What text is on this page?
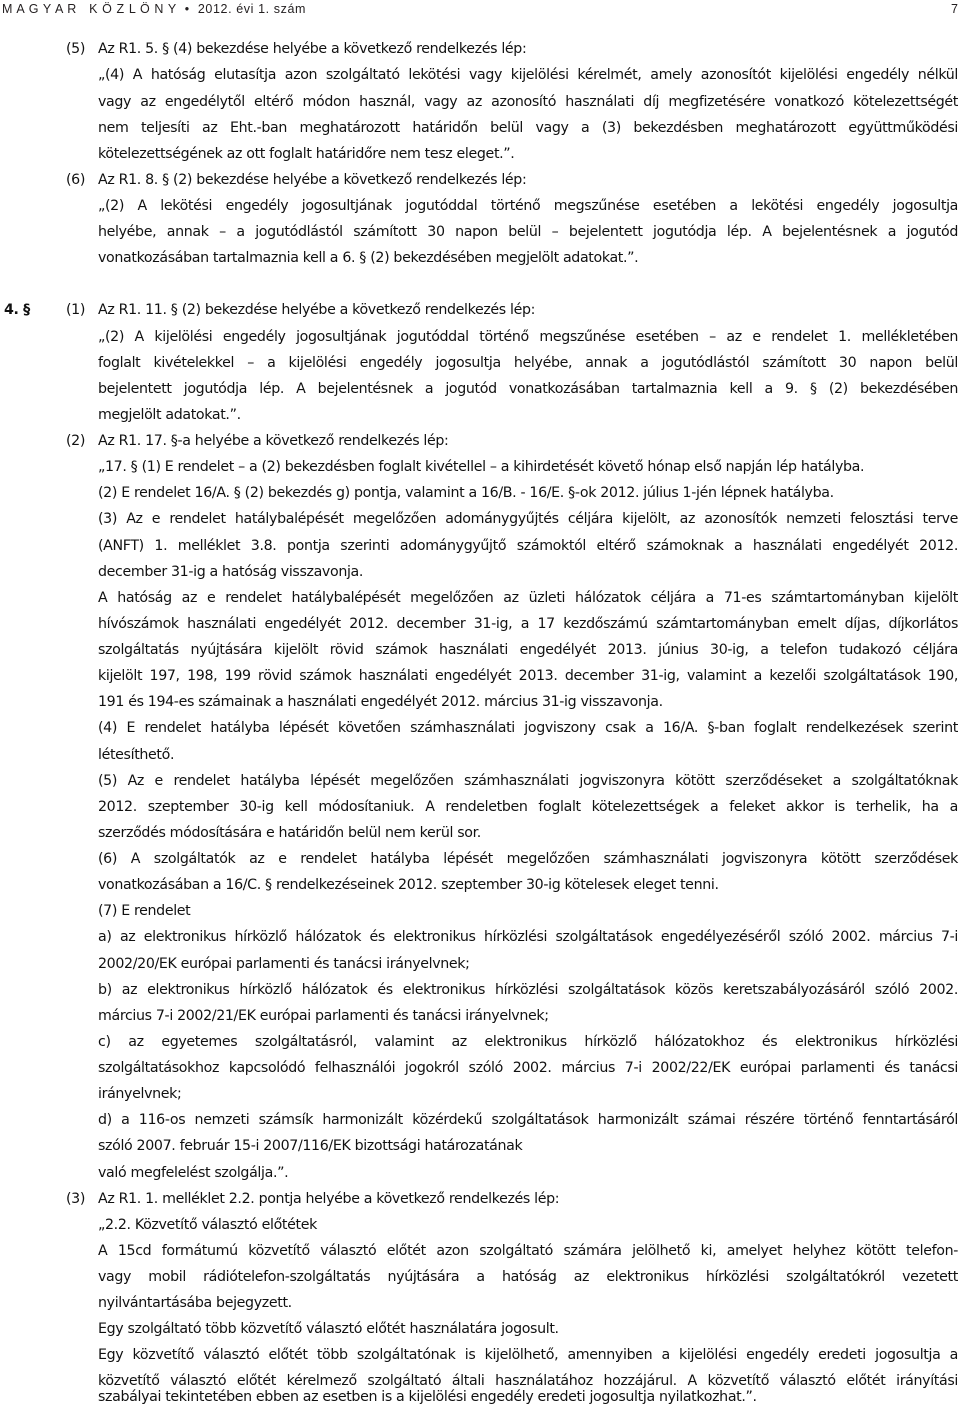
M A G Y A R   K Ö Z L Ö N Y  •  2012. évi 1. szám	7
(5) Az R1. 5. § (4) bekezdése helyébe a következő rendelkezés lép:
„(4) A hatóság elutasítja azon szolgáltató lekötési vagy kijelölési kérelmét, amely azonosítót kijelölési engedély nélkül
vagy az engedélytől eltérő módon használ, vagy az azonosító használati díj megfizetésére vonatkozó kötelezettségét
nem teljesíti az Eht.-ban meghatározott határidőn belül vagy a (3) bekezdésben meghatározott együttműködési
kötelezettségének az ott foglalt határidőre nem tesz eleget.”.
(6) Az R1. 8. § (2) bekezdése helyébe a következő rendelkezés lép:
„(2) A lekötési engedély jogosultjának jogutóddal történő megszűnése esetében a lekötési engedély jogosultja
helyébe, annak – a jogutódlástól számított 30 napon belül – bejelentett jogutódja lép. A bejelentésnek a jogutód
vonatkozásában tartalmaznia kell a 6. § (2) bekezdésében megjelölt adatokat.”.
4. §	(1) Az R1. 11. § (2) bekezdése helyébe a következő rendelkezés lép:
„(2) A kijelölési engedély jogosultjának jogutóddal történő megszűnése esetében – az e rendelet 1. mellékletében
foglalt kivételekkel – a kijelölési engedély jogosultja helyébe, annak a jogutódlástól számított 30 napon belül
bejelentett jogutódja lép. A bejelentésnek a jogutód vonatkozásában tartalmaznia kell a 9. § (2) bekezdésében
megjelölt adatokat.”.
(2) Az R1. 17. §-a helyébe a következő rendelkezés lép:
„17. § (1) E rendelet – a (2) bekezdésben foglalt kivétellel – a kihirdetését követő hónap első napján lép hatályba.
(2) E rendelet 16/A. § (2) bekezdés g) pontja, valamint a 16/B. - 16/E. §-ok 2012. július 1-jén lépnek hatályba.
(3) Az e rendelet hatálybalépését megelőzően adománygyűjtés céljára kijelölt, az azonosítók nemzeti felosztási terve
(ANFT) 1. melléklet 3.8. pontja szerinti adománygyűjtő számoktól eltérő számoknak a használati engedélyét 2012.
december 31-ig a hatóság visszavonja.
A hatóság az e rendelet hatálybalépését megelőzően az üzleti hálózatok céljára a 71-es számtartományban kijelölt
hívószámok használati engedélyét 2012. december 31-ig, a 17 kezdőszámú számtartományban emelt díjas, díjkorlátos
szolgáltatás nyújtására kijelölt rövid számok használati engedélyét 2013. június 30-ig, a telefon tudakozó céljára
kijelölt 197, 198, 199 rövid számok használati engedélyét 2013. december 31-ig, valamint a kezelői szolgáltatások 190,
191 és 194-es számainak a használati engedélyét 2012. március 31-ig visszavonja.
(4) E rendelet hatályba lépését követően számhasználati jogviszony csak a 16/A. §-ban foglalt rendelkezések szerint
létesíthető.
(5) Az e rendelet hatályba lépését megelőzően számhasználati jogviszonyra kötött szerződéseket a szolgáltatóknak
2012. szeptember 30-ig kell módosítaniuk. A rendeletben foglalt kötelezettségek a feleket akkor is terhelik, ha a
szerződés módosítására e határidőn belül nem kerül sor.
(6) A szolgáltatók az e rendelet hatályba lépését megelőzően számhasználati jogviszonyra kötött szerződések
vonatkozásában a 16/C. § rendelkezéseinek 2012. szeptember 30-ig kötelesek eleget tenni.
(7) E rendelet
a) az elektronikus hírközlő hálózatok és elektronikus hírközlési szolgáltatások engedélyezéséről szóló 2002. március 7-i
2002/20/EK európai parlamenti és tanácsi irányelvnek;
b) az elektronikus hírközlő hálózatok és elektronikus hírközlési szolgáltatások közös keretszabályozásáról szóló 2002.
március 7-i 2002/21/EK európai parlamenti és tanácsi irányelvnek;
c) az egyetemes szolgáltatásról, valamint az elektronikus hírközlő hálózatokhoz és elektronikus hírközlési
szolgáltatásokhoz kapcsolódó felhasználói jogokról szóló 2002. március 7-i 2002/22/EK európai parlamenti és tanácsi
irányelvnek;
d) a 116-os nemzeti számsík harmonizált közérdekű szolgáltatások harmonizált számai részére történő fenntartásáról
szóló 2007. február 15-i 2007/116/EK bizottsági határozatának
való megfelelést szolgálja.”.
(3) Az R1. 1. melléklet 2.2. pontja helyébe a következő rendelkezés lép:
„2.2. Közvetítő választó előtétek
A 15cd formátumú közvetítő választó előtét azon szolgáltató számára jelölhető ki, amelyet helyhez kötött telefon-
vagy mobil rádiótelefon-szolgáltatás nyújtására a hatóság az elektronikus hírközlési szolgáltatókról vezetett
nyilvántartásába bejegyzett.
Egy szolgáltató több közvetítő választó előtét használatára jogosult.
Egy közvetítő választó előtét több szolgáltatónak is kijelölhető, amennyiben a kijelölési engedély eredeti jogosultja a
közvetítő választó előtét kérelmező szolgáltató általi használatához hozzájárul. A közvetítő választó előtét irányítási
szabályai tekintetében ebben az esetben is a kijelölési engedély eredeti jogosultja nyilatkozhat.”.
